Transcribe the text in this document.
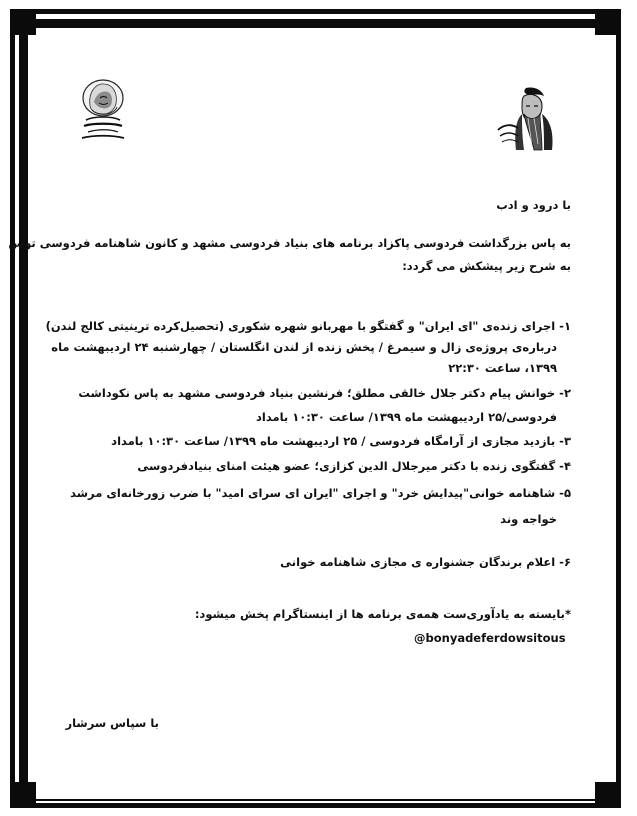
با درود و ادب
به پاس بزرگداشت فردوسی پاکزاد برنامه های بنیاد فردوسی مشهد و کانون شاهنامه فردوسی توس
به شرح زیر پیشکش می گردد:
۱- اجرای زنده‌ی "ای ایران" و گفتگو با مهربانو شهره شکوری (تحصیل‌کرده ترینیتی کالج لندن)
درباره‌ی پروژه‌ی زال و سیمرغ / پخش زنده از لندن انگلستان / چهارشنبه ۲۴ اردیبهشت ماه
۱۳۹۹، ساعت ۲۲:۳۰
۲- خوانش پیام دکتر جلال خالقی مطلق؛ فرنشین بنیاد فردوسی مشهد به پاس نکوداشت
فردوسی/۲۵ اردیبهشت ماه ۱۳۹۹/ ساعت ۱۰:۳۰ بامداد
۳- بازدید مجازی از آرامگاه فردوسی / ۲۵ اردیبهشت ماه ۱۳۹۹/ ساعت ۱۰:۳۰ بامداد
۴- گفتگوی زنده با دکتر میرجلال الدین کزازی؛ عضو هیئت امنای بنیادفردوسی
۵- شاهنامه خوانی"پیدایش خرد" و اجرای "ایران ای سرای امید" با ضرب زورخانه‌ای مرشد
خواجه وند
۶- اعلام برندگان جشنواره ی مجازی شاهنامه خوانی
*بایسته به یادآوری‌ست همه‌ی برنامه ها از اینستاگرام پخش میشود:
@bonyadeferdowsitous
با سپاس سرشار
